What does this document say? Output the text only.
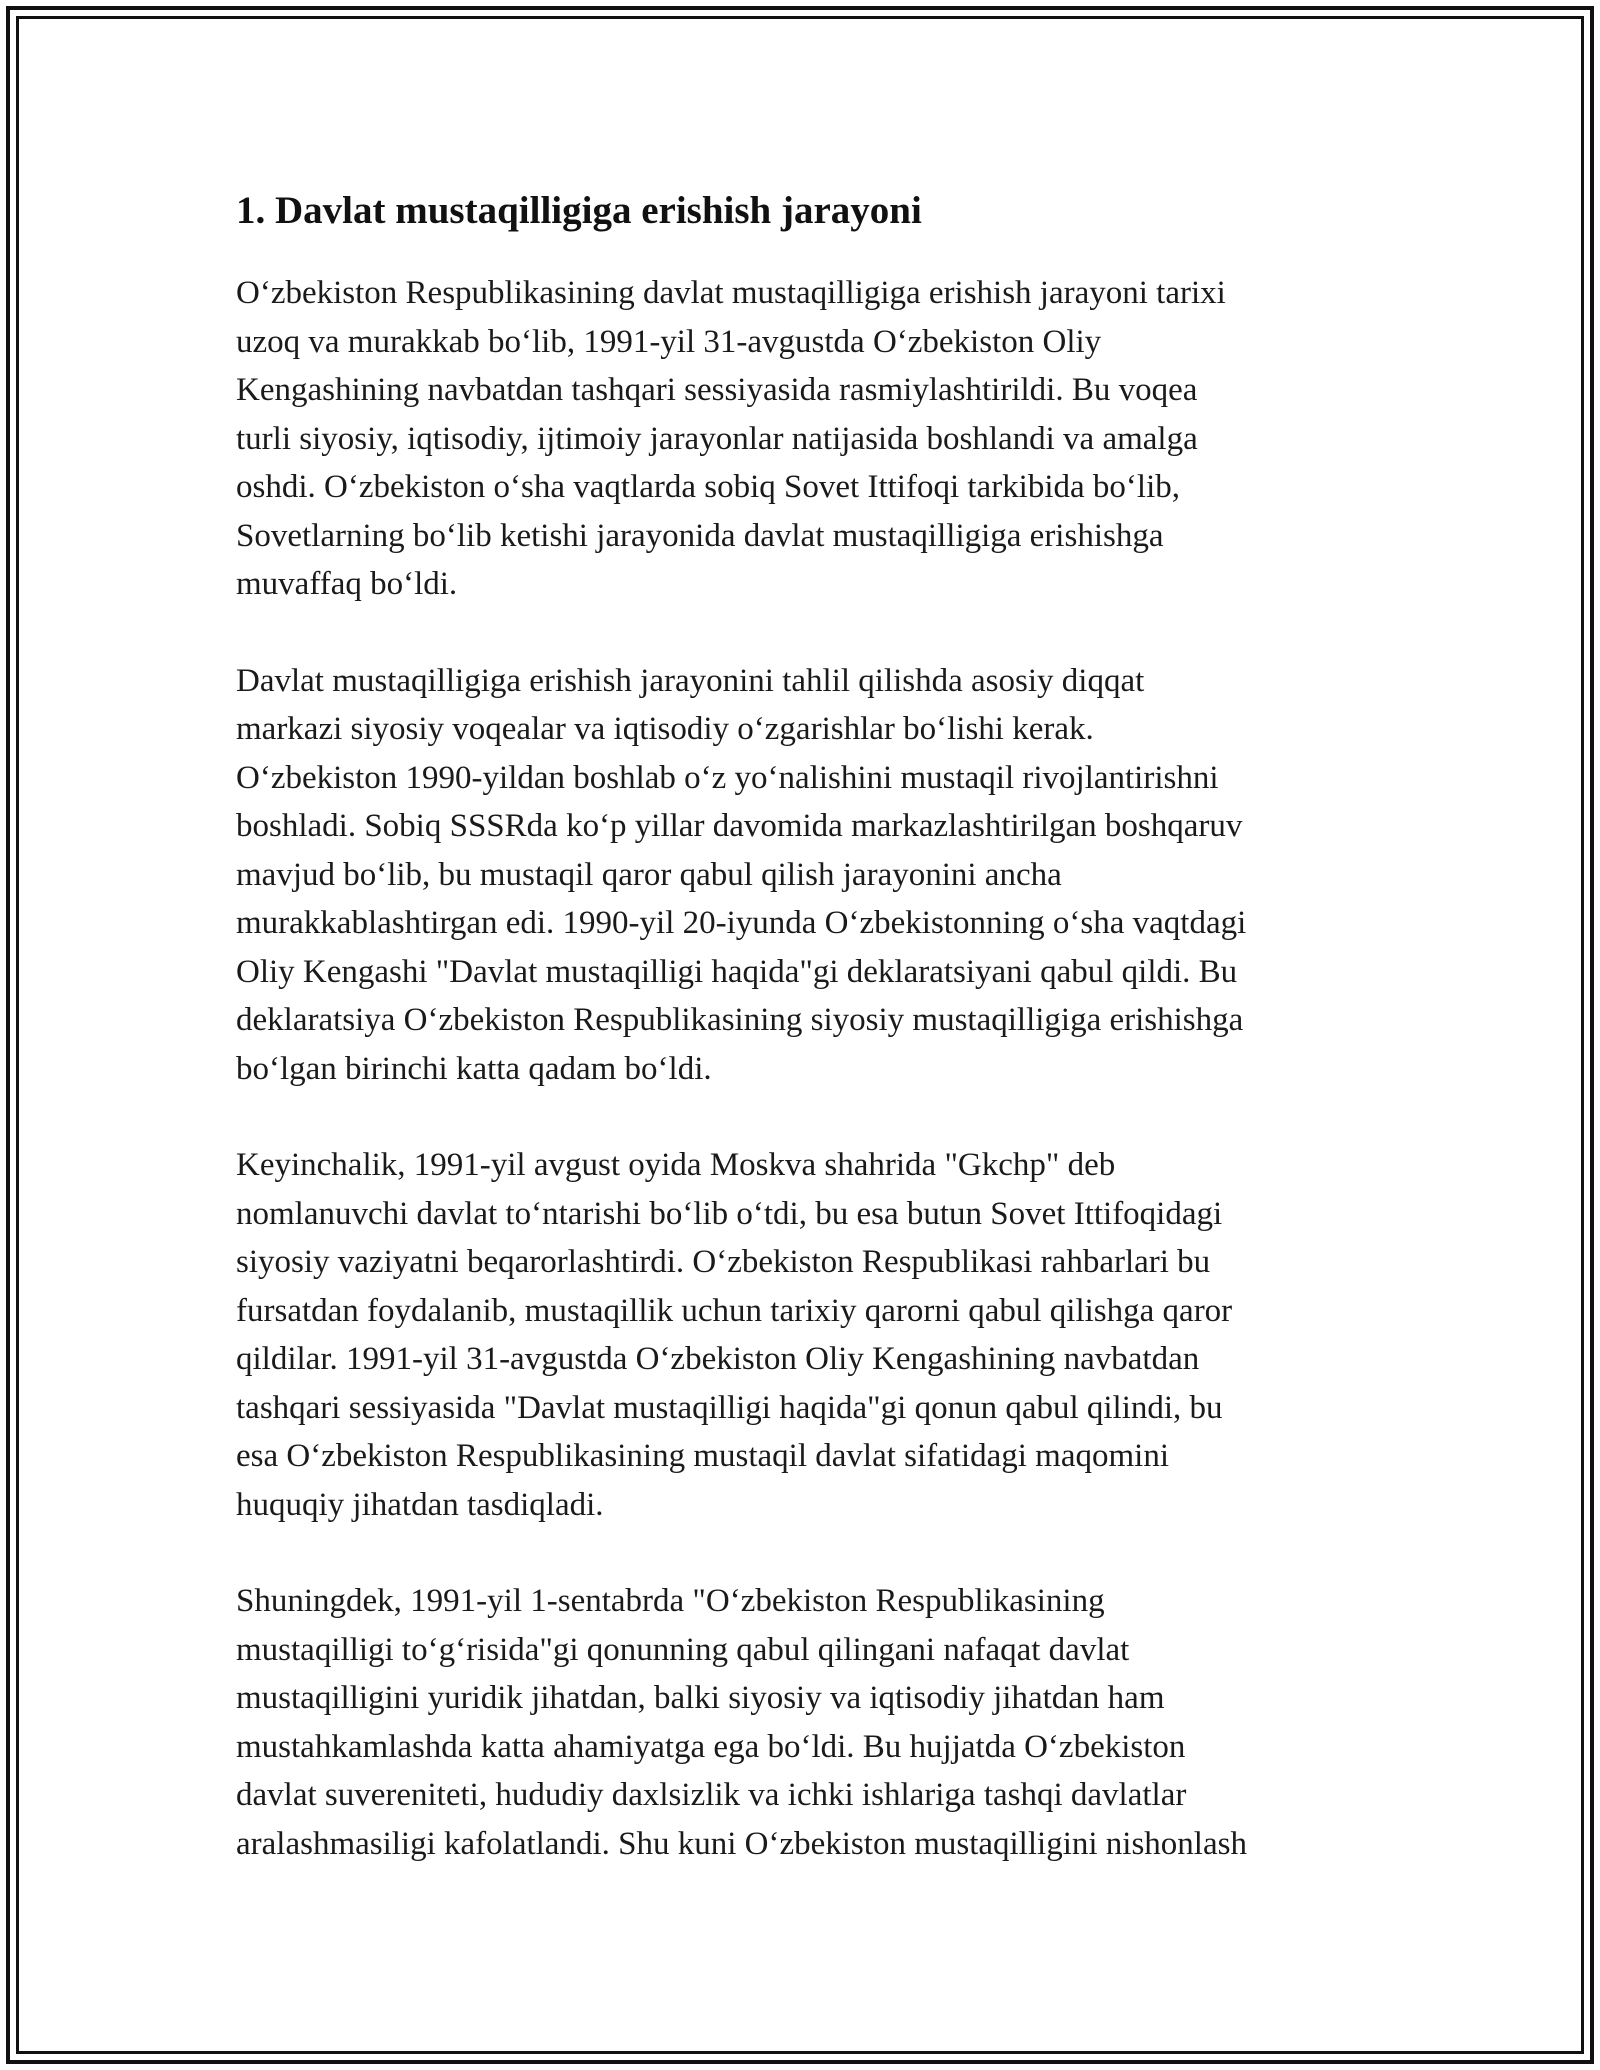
1. Davlat mustaqilligiga erishish jarayoni

O‘zbekiston Respublikasining davlat mustaqilligiga erishish jarayoni tarixi
uzoq va murakkab bo‘lib, 1991-yil 31-avgustda O‘zbekiston Oliy
Kengashining navbatdan tashqari sessiyasida rasmiylashtirildi. Bu voqea
turli siyosiy, iqtisodiy, ijtimoiy jarayonlar natijasida boshlandi va amalga
oshdi. O‘zbekiston o‘sha vaqtlarda sobiq Sovet Ittifoqi tarkibida bo‘lib,
Sovetlarning bo‘lib ketishi jarayonida davlat mustaqilligiga erishishga
muvaffaq bo‘ldi.

Davlat mustaqilligiga erishish jarayonini tahlil qilishda asosiy diqqat
markazi siyosiy voqealar va iqtisodiy o‘zgarishlar bo‘lishi kerak.
O‘zbekiston 1990-yildan boshlab o‘z yo‘nalishini mustaqil rivojlantirishni
boshladi. Sobiq SSSRda ko‘p yillar davomida markazlashtirilgan boshqaruv
mavjud bo‘lib, bu mustaqil qaror qabul qilish jarayonini ancha
murakkablashtirgan edi. 1990-yil 20-iyunda O‘zbekistonning o‘sha vaqtdagi
Oliy Kengashi "Davlat mustaqilligi haqida"gi deklaratsiyani qabul qildi. Bu
deklaratsiya O‘zbekiston Respublikasining siyosiy mustaqilligiga erishishga
bo‘lgan birinchi katta qadam bo‘ldi.

Keyinchalik, 1991-yil avgust oyida Moskva shahrida "Gkchp" deb
nomlanuvchi davlat to‘ntarishi bo‘lib o‘tdi, bu esa butun Sovet Ittifoqidagi
siyosiy vaziyatni beqarorlashtirdi. O‘zbekiston Respublikasi rahbarlari bu
fursatdan foydalanib, mustaqillik uchun tarixiy qarorni qabul qilishga qaror
qildilar. 1991-yil 31-avgustda O‘zbekiston Oliy Kengashining navbatdan
tashqari sessiyasida "Davlat mustaqilligi haqida"gi qonun qabul qilindi, bu
esa O‘zbekiston Respublikasining mustaqil davlat sifatidagi maqomini
huquqiy jihatdan tasdiqladi.

Shuningdek, 1991-yil 1-sentabrda "O‘zbekiston Respublikasining
mustaqilligi to‘g‘risida"gi qonunning qabul qilingani nafaqat davlat
mustaqilligini yuridik jihatdan, balki siyosiy va iqtisodiy jihatdan ham
mustahkamlashda katta ahamiyatga ega bo‘ldi. Bu hujjatda O‘zbekiston
davlat suvereniteti, hududiy daxlsizlik va ichki ishlariga tashqi davlatlar
aralashmasiligi kafolatlandi. Shu kuni O‘zbekiston mustaqilligini nishonlash
